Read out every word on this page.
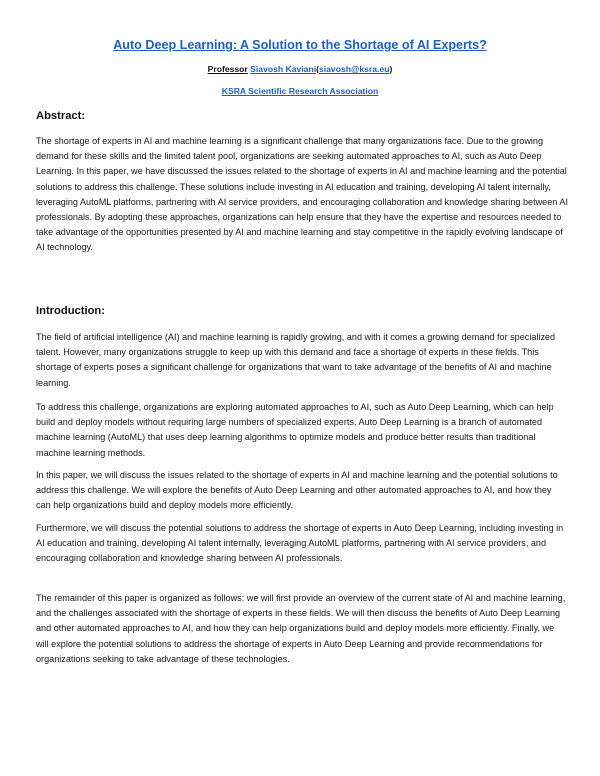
Auto Deep Learning: A Solution to the Shortage of AI Experts?
Professor Siavosh Kaviani(siavosh@ksra.eu)
KSRA Scientific Research Association
Abstract:

The shortage of experts in AI and machine learning is a significant challenge that many organizations face. Due to the growing demand for these skills and the limited talent pool, organizations are seeking automated approaches to AI, such as Auto Deep Learning. In this paper, we have discussed the issues related to the shortage of experts in AI and machine learning and the potential solutions to address this challenge. These solutions include investing in AI education and training, developing AI talent internally, leveraging AutoML platforms, partnering with AI service providers, and encouraging collaboration and knowledge sharing between AI professionals. By adopting these approaches, organizations can help ensure that they have the expertise and resources needed to take advantage of the opportunities presented by AI and machine learning and stay competitive in the rapidly evolving landscape of AI technology.

Introduction:

The field of artificial intelligence (AI) and machine learning is rapidly growing, and with it comes a growing demand for specialized talent. However, many organizations struggle to keep up with this demand and face a shortage of experts in these fields. This shortage of experts poses a significant challenge for organizations that want to take advantage of the benefits of AI and machine learning.

To address this challenge, organizations are exploring automated approaches to AI, such as Auto Deep Learning, which can help build and deploy models without requiring large numbers of specialized experts. Auto Deep Learning is a branch of automated machine learning (AutoML) that uses deep learning algorithms to optimize models and produce better results than traditional machine learning methods.

In this paper, we will discuss the issues related to the shortage of experts in AI and machine learning and the potential solutions to address this challenge. We will explore the benefits of Auto Deep Learning and other automated approaches to AI, and how they can help organizations build and deploy models more efficiently.

Furthermore, we will discuss the potential solutions to address the shortage of experts in Auto Deep Learning, including investing in AI education and training, developing AI talent internally, leveraging AutoML platforms, partnering with AI service providers, and encouraging collaboration and knowledge sharing between AI professionals.

The remainder of this paper is organized as follows: we will first provide an overview of the current state of AI and machine learning, and the challenges associated with the shortage of experts in these fields. We will then discuss the benefits of Auto Deep Learning and other automated approaches to AI, and how they can help organizations build and deploy models more efficiently. Finally, we will explore the potential solutions to address the shortage of experts in Auto Deep Learning and provide recommendations for organizations seeking to take advantage of these technologies.
